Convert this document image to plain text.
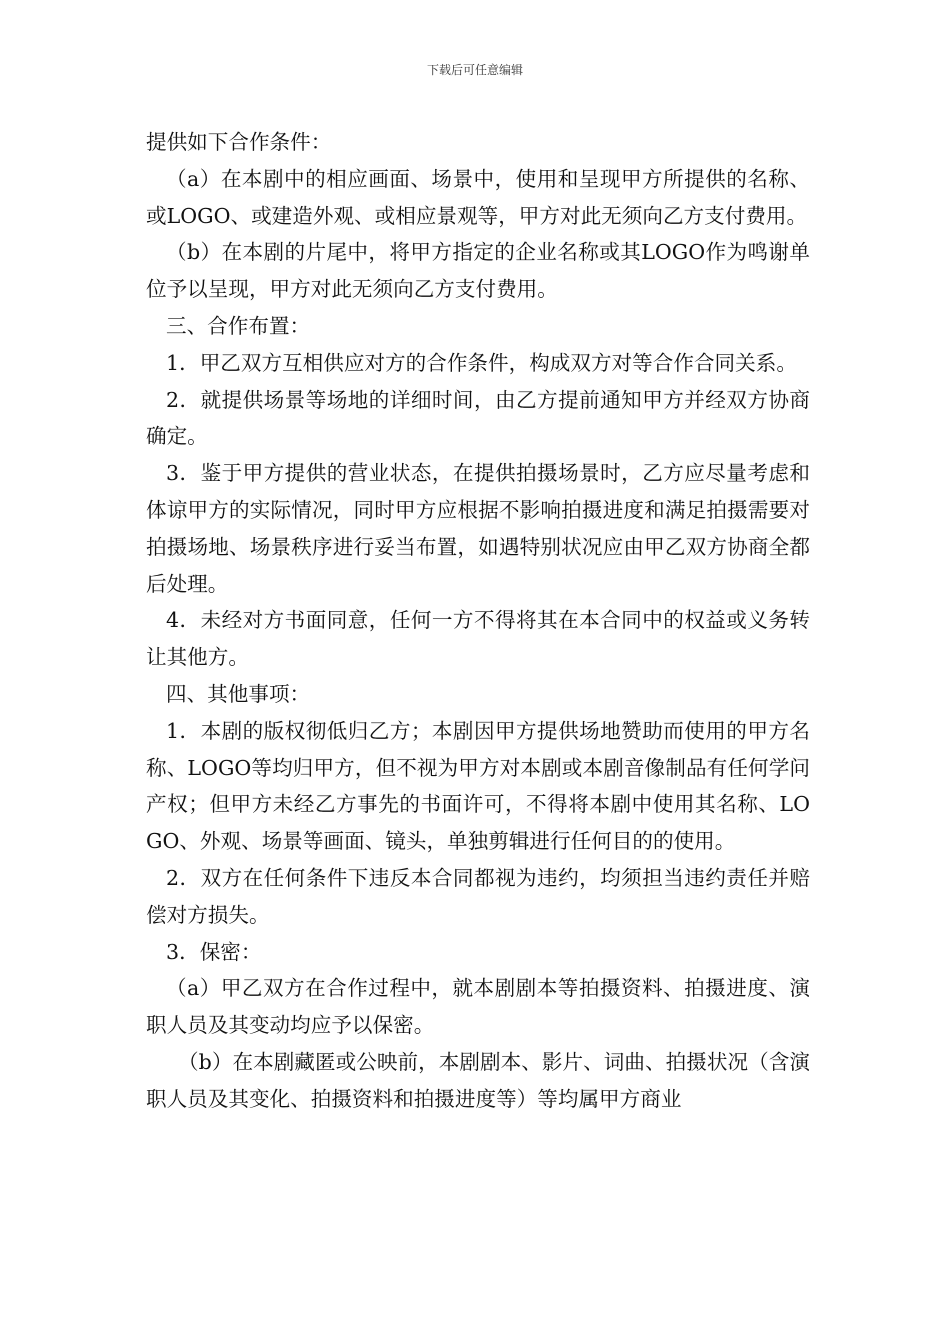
下载后可任意编辑

提供如下合作条件：

（a）在本剧中的相应画面、场景中，使用和呈现甲方所提供的名称、或LOGO、或建造外观、或相应景观等，甲方对此无须向乙方支付费用。

（b）在本剧的片尾中，将甲方指定的企业名称或其LOGO作为鸣谢单位予以呈现，甲方对此无须向乙方支付费用。

三、合作布置：

1．甲乙双方互相供应对方的合作条件，构成双方对等合作合同关系。

2．就提供场景等场地的详细时间，由乙方提前通知甲方并经双方协商确定。

3．鉴于甲方提供的营业状态，在提供拍摄场景时，乙方应尽量考虑和体谅甲方的实际情况，同时甲方应根据不影响拍摄进度和满足拍摄需要对拍摄场地、场景秩序进行妥当布置，如遇特别状况应由甲乙双方协商全都后处理。

4．未经对方书面同意，任何一方不得将其在本合同中的权益或义务转让其他方。

四、其他事项：

1．本剧的版权彻低归乙方；本剧因甲方提供场地赞助而使用的甲方名称、LOGO等均归甲方，但不视为甲方对本剧或本剧音像制品有任何学问产权；但甲方未经乙方事先的书面许可，不得将本剧中使用其名称、LOGO、外观、场景等画面、镜头，单独剪辑进行任何目的的使用。

2．双方在任何条件下违反本合同都视为违约，均须担当违约责任并赔偿对方损失。

3．保密：

（a）甲乙双方在合作过程中，就本剧剧本等拍摄资料、拍摄进度、演职人员及其变动均应予以保密。

（b）在本剧藏匿或公映前，本剧剧本、影片、词曲、拍摄状况（含演职人员及其变化、拍摄资料和拍摄进度等）等均属甲方商业
